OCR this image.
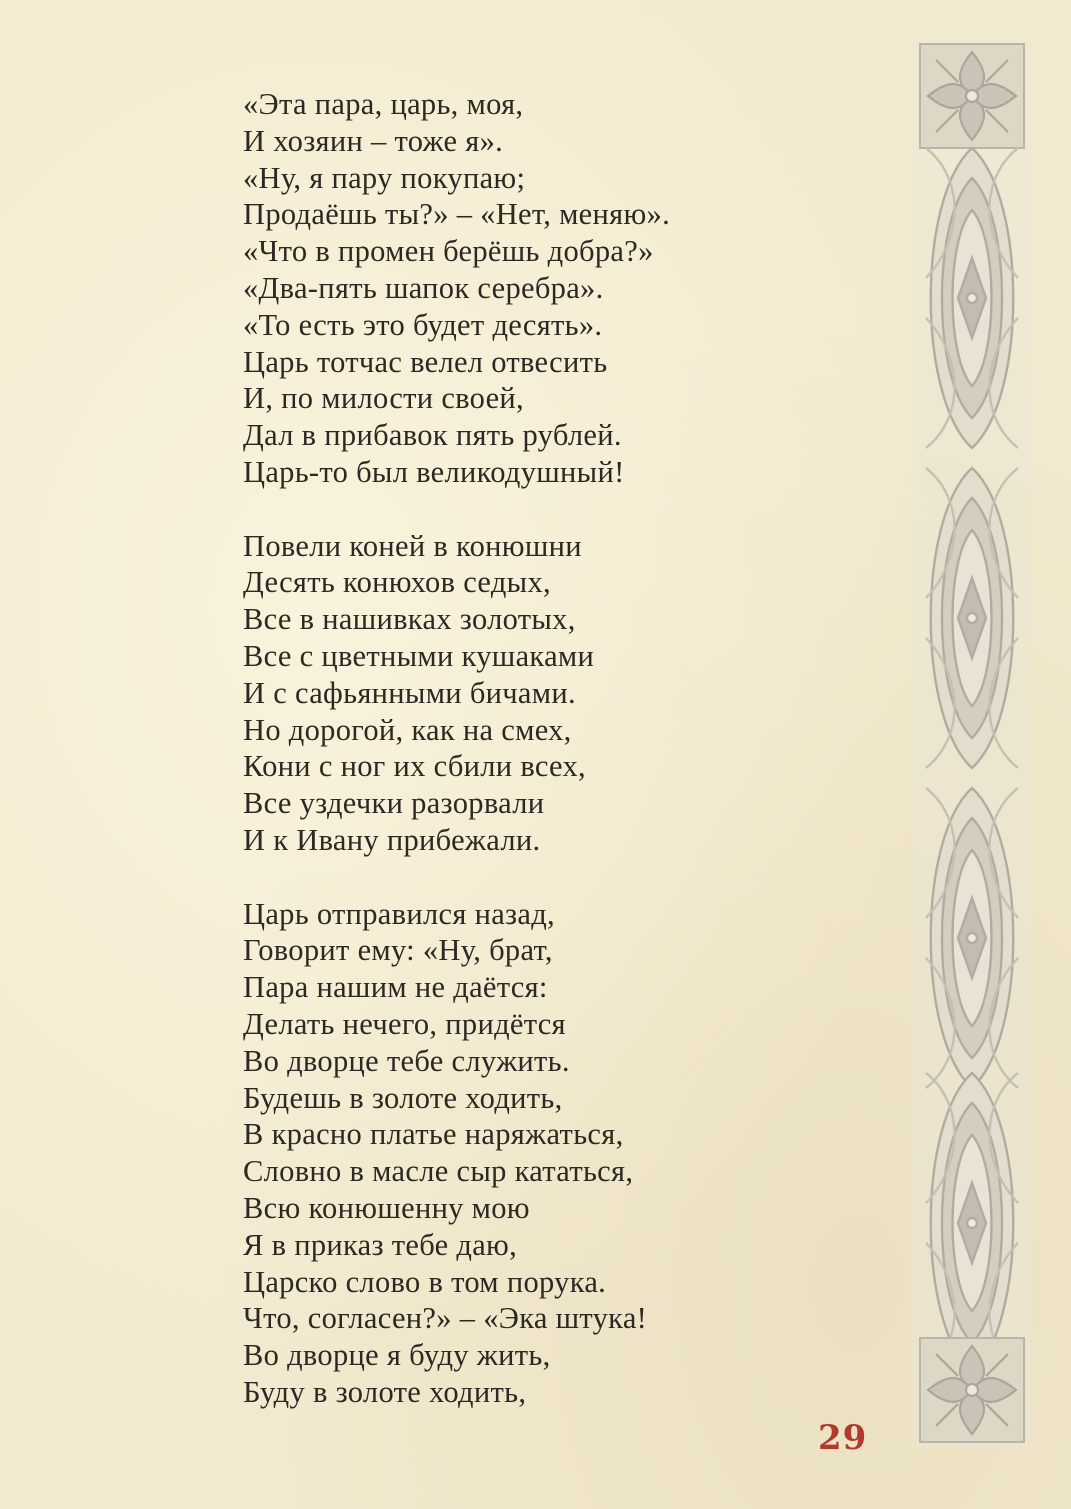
«Эта пара, царь, моя,
И хозяин – тоже я».
«Ну, я пару покупаю;
Продаёшь ты?» – «Нет, меняю».
«Что в промен берёшь добра?»
«Два-пять шапок серебра».
«То есть это будет десять».
Царь тотчас велел отвесить
И, по милости своей,
Дал в прибавок пять рублей.
Царь-то был великодушный!
Повели коней в конюшни
Десять конюхов седых,
Все в нашивках золотых,
Все с цветными кушаками
И с сафьянными бичами.
Но дорогой, как на смех,
Кони с ног их сбили всех,
Все уздечки разорвали
И к Ивану прибежали.
Царь отправился назад,
Говорит ему: «Ну, брат,
Пара нашим не даётся:
Делать нечего, придётся
Во дворце тебе служить.
Будешь в золоте ходить,
В красно платье наряжаться,
Словно в масле сыр кататься,
Всю конюшенну мою
Я в приказ тебе даю,
Царско слово в том порука.
Что, согласен?» – «Эка штука!
Во дворце я буду жить,
Буду в золоте ходить,
29
